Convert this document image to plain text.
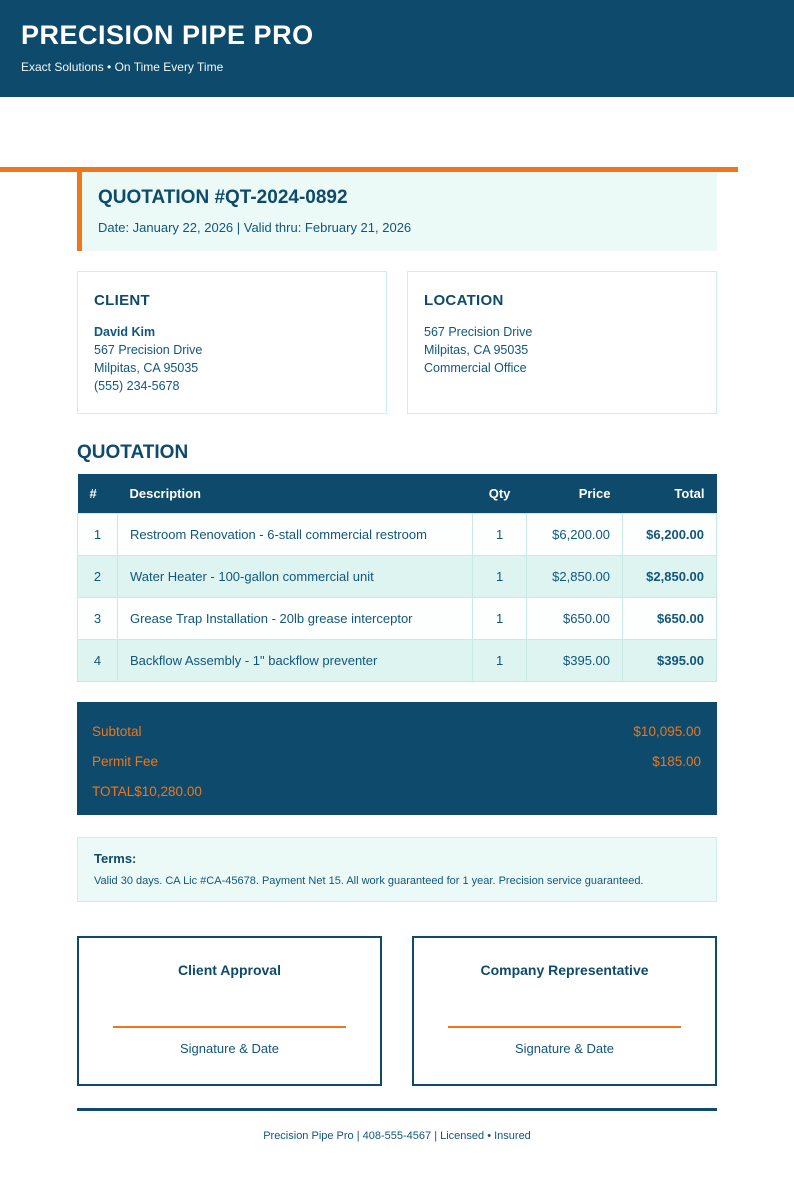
PRECISION PIPE PRO
Exact Solutions • On Time Every Time
QUOTATION #QT-2024-0892
Date: January 22, 2026 | Valid thru: February 21, 2026
CLIENT
David Kim
567 Precision Drive
Milpitas, CA 95035
(555) 234-5678
LOCATION
567 Precision Drive
Milpitas, CA 95035
Commercial Office
QUOTATION
#	Description	Qty	Price	Total
1	Restroom Renovation - 6-stall commercial restroom	1	$6,200.00	$6,200.00
2	Water Heater - 100-gallon commercial unit	1	$2,850.00	$2,850.00
3	Grease Trap Installation - 20lb grease interceptor	1	$650.00	$650.00
4	Backflow Assembly - 1" backflow preventer	1	$395.00	$395.00
Subtotal	$10,095.00
Permit Fee	$185.00
TOTAL$10,280.00
Terms:
Valid 30 days. CA Lic #CA-45678. Payment Net 15. All work guaranteed for 1 year. Precision service guaranteed.
Client Approval
Signature & Date
Company Representative
Signature & Date
Precision Pipe Pro | 408-555-4567 | Licensed • Insured
